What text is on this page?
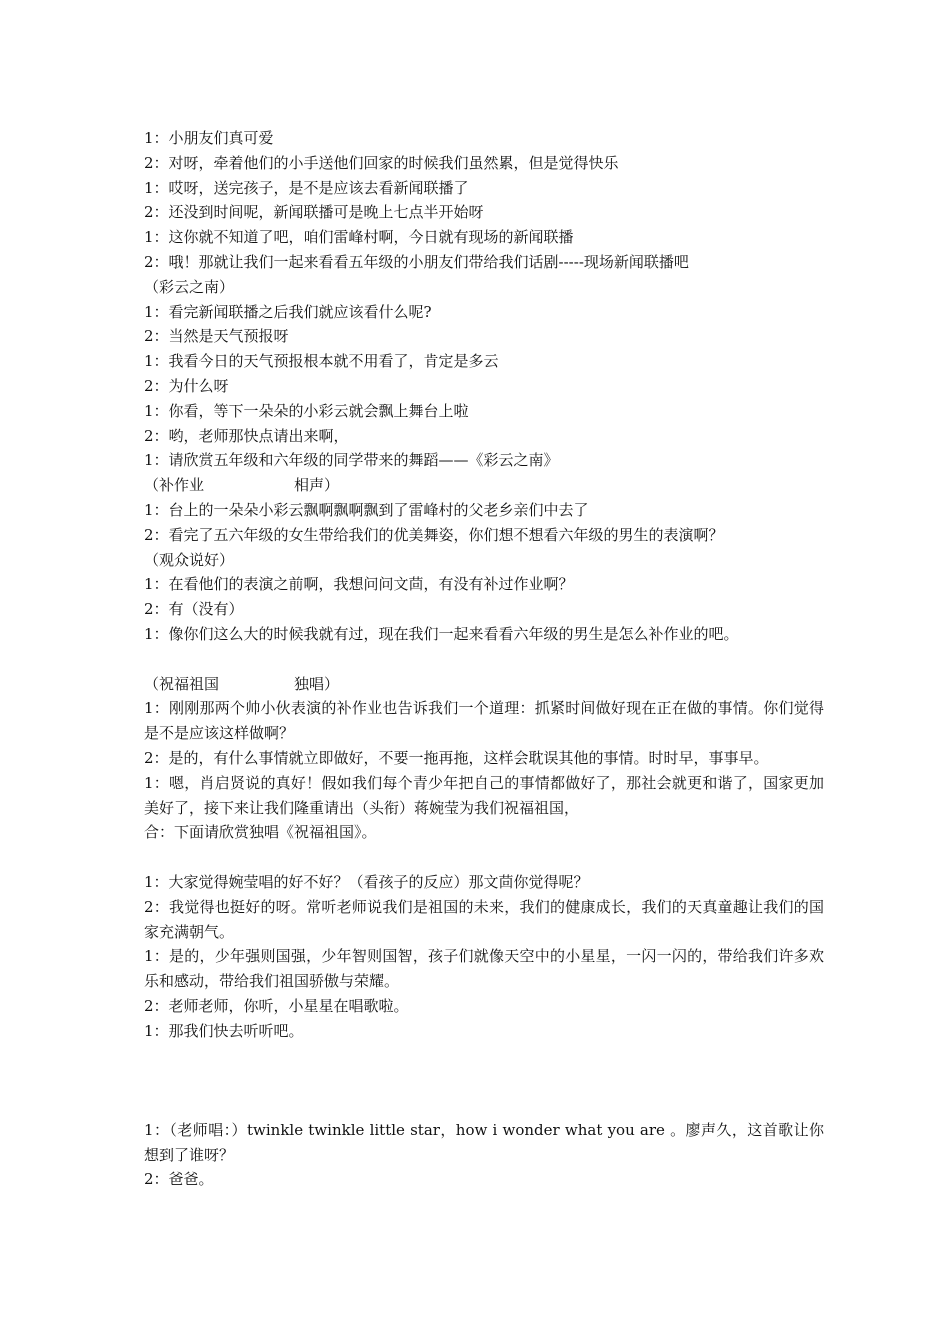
1：小朋友们真可爱
2：对呀，牵着他们的小手送他们回家的时候我们虽然累，但是觉得快乐
1：哎呀，送完孩子，是不是应该去看新闻联播了
2：还没到时间呢，新闻联播可是晚上七点半开始呀
1：这你就不知道了吧，咱们雷峰村啊，今日就有现场的新闻联播
2：哦！那就让我们一起来看看五年级的小朋友们带给我们话剧-----现场新闻联播吧
（彩云之南）
1：看完新闻联播之后我们就应该看什么呢?
2：当然是天气预报呀
1：我看今日的天气预报根本就不用看了，肯定是多云
2：为什么呀
1：你看，等下一朵朵的小彩云就会飘上舞台上啦
2：哟，老师那快点请出来啊，
1：请欣赏五年级和六年级的同学带来的舞蹈——《彩云之南》
（补作业　　　　　　相声）
1：台上的一朵朵小彩云飘啊飘啊飘到了雷峰村的父老乡亲们中去了
2：看完了五六年级的女生带给我们的优美舞姿，你们想不想看六年级的男生的表演啊？
（观众说好）
1：在看他们的表演之前啊，我想问问文茴，有没有补过作业啊？
2：有（没有）
1：像你们这么大的时候我就有过，现在我们一起来看看六年级的男生是怎么补作业的吧。
（祝福祖国　　　　　独唱）
1：刚刚那两个帅小伙表演的补作业也告诉我们一个道理：抓紧时间做好现在正在做的事情。你们觉得是不是应该这样做啊？
2：是的，有什么事情就立即做好，不要一拖再拖，这样会耽误其他的事情。时时早，事事早。
1：嗯，肖启贤说的真好！假如我们每个青少年把自己的事情都做好了，那社会就更和谐了，国家更加美好了，接下来让我们隆重请出（头衔）蒋婉莹为我们祝福祖国，
合：下面请欣赏独唱《祝福祖国》。
1：大家觉得婉莹唱的好不好？（看孩子的反应）那文茴你觉得呢？
2：我觉得也挺好的呀。常听老师说我们是祖国的未来，我们的健康成长，我们的天真童趣让我们的国家充满朝气。
1：是的，少年强则国强，少年智则国智，孩子们就像天空中的小星星，一闪一闪的，带给我们许多欢乐和感动，带给我们祖国骄傲与荣耀。
2：老师老师，你听，小星星在唱歌啦。
1：那我们快去听听吧。
1：（老师唱：）twinkle twinkle little star，how i wonder what you are 。廖声久，这首歌让你想到了谁呀？
2：爸爸。
